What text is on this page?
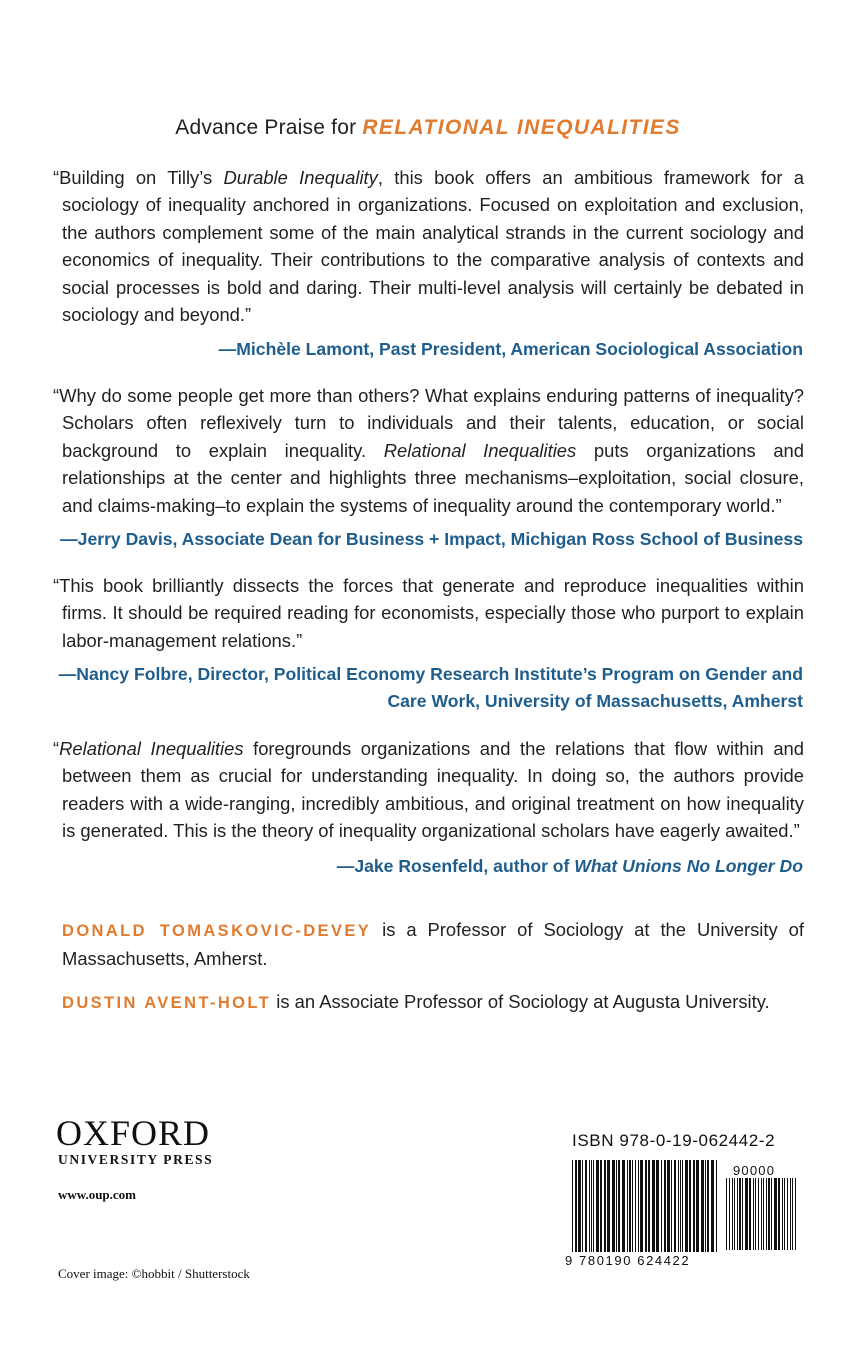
Advance Praise for RELATIONAL INEQUALITIES

“Building on Tilly’s Durable Inequality, this book offers an ambitious framework for a sociology of inequality anchored in organizations. Focused on exploitation and exclusion, the authors complement some of the main analytical strands in the current sociology and economics of inequality. Their contributions to the comparative analysis of contexts and social processes is bold and daring. Their multi-level analysis will certainly be debated in sociology and beyond.”

—Michèle Lamont, Past President, American Sociological Association

“Why do some people get more than others? What explains enduring patterns of inequality? Scholars often reflexively turn to individuals and their talents, education, or social background to explain inequality. Relational Inequalities puts organizations and relationships at the center and highlights three mechanisms–exploitation, social closure, and claims-making–to explain the systems of inequality around the contemporary world.”

—Jerry Davis, Associate Dean for Business + Impact, Michigan Ross School of Business

“This book brilliantly dissects the forces that generate and reproduce inequalities within firms. It should be required reading for economists, especially those who purport to explain labor-management relations.”

—Nancy Folbre, Director, Political Economy Research Institute’s Program on Gender and
Care Work, University of Massachusetts, Amherst

“Relational Inequalities foregrounds organizations and the relations that flow within and between them as crucial for understanding inequality. In doing so, the authors provide readers with a wide-ranging, incredibly ambitious, and original treatment on how inequality is generated. This is the theory of inequality organizational scholars have eagerly awaited.”

—Jake Rosenfeld, author of What Unions No Longer Do
DONALD TOMASKOVIC-DEVEY is a Professor of Sociology at the University of Massachusetts, Amherst.
DUSTIN AVENT-HOLT is an Associate Professor of Sociology at Augusta University.
OXFORD
UNIVERSITY PRESS
www.oup.com
Cover image: ©hobbit / Shutterstock
ISBN 978-0-19-062442-2
90000
9 780190 624422
